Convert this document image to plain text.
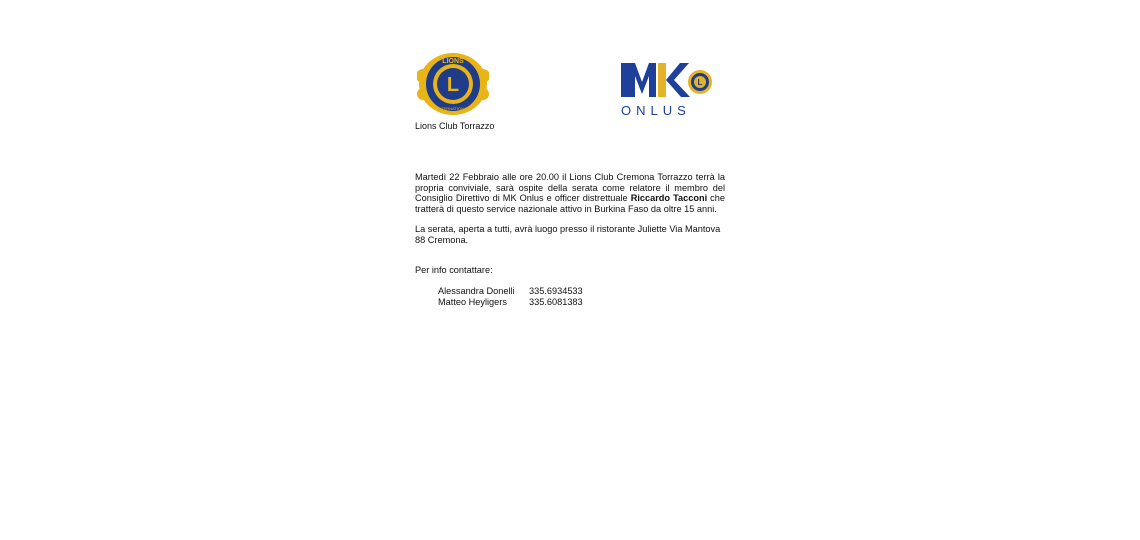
L
LIONS
INTERNATIONAL
Lions Club Torrazzo
L
ONLUS

Martedì 22 Febbraio alle ore 20.00 il Lions Club Cremona Torrazzo terrà la propria conviviale, sarà ospite della serata come relatore il membro del Consiglio Direttivo di MK Onlus e officer distrettuale Riccardo Tacconi che tratterà di questo service nazionale attivo in Burkina Faso da oltre 15 anni.

La serata, aperta a tutti, avrà luogo presso il ristorante Juliette Via Mantova 88 Cremona.
Per info contattare:
Alessandra Donelli	335.6934533
Matteo Heyligers	335.6081383
